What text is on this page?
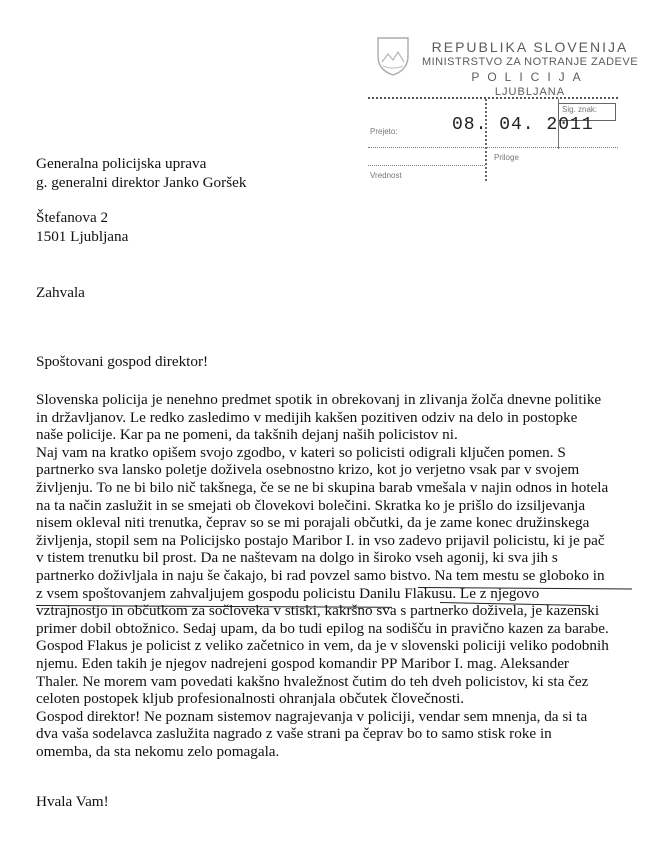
REPUBLIKA SLOVENIJA
MINISTRSTVO ZA NOTRANJE ZADEVE
POLICIJA
LJUBLJANA
Sig. znak:
Prejeto:	08. 04. 2011
Priloge
Vrednost
Generalna policijska uprava
g. generalni direktor Janko Goršek
Štefanova 2
1501 Ljubljana
Zahvala
Spoštovani gospod direktor!
Slovenska policija je nenehno predmet spotik in obrekovanj in zlivanja žolča dnevne politike
in državljanov. Le redko zasledimo v medijih kakšen pozitiven odziv na delo in postopke
naše policije. Kar pa ne pomeni, da takšnih dejanj naših policistov ni.
Naj vam na kratko opišem svojo zgodbo, v kateri so policisti odigrali ključen pomen. S
partnerko sva lansko poletje doživela osebnostno krizo, kot jo verjetno vsak par v svojem
življenju. To ne bi bilo nič takšnega, če se ne bi skupina barab vmešala v najin odnos in hotela
na ta način zaslužit in se smejati ob človekovi bolečini. Skratka ko je prišlo do izsiljevanja
nisem okleval niti trenutka, čeprav so se mi porajali občutki, da je zame konec družinskega
življenja, stopil sem na Policijsko postajo Maribor I. in vso zadevo prijavil policistu, ki je pač
v tistem trenutku bil prost. Da ne naštevam na dolgo in široko vseh agonij, ki sva jih s
partnerko doživljala in naju še čakajo, bi rad povzel samo bistvo. Na tem mestu se globoko in
z vsem spoštovanjem zahvaljujem gospodu policistu Danilu Flakusu. Le z njegovo
vztrajnostjo in občutkom za sočloveka v stiski, kakršno sva s partnerko doživela, je kazenski
primer dobil obtožnico. Sedaj upam, da bo tudi epilog na sodišču in pravično kazen za barabe.
Gospod Flakus je policist z veliko začetnico in vem, da je v slovenski policiji veliko podobnih
njemu. Eden takih je njegov nadrejeni gospod komandir PP Maribor I. mag. Aleksander
Thaler. Ne morem vam povedati kakšno hvaležnost čutim do teh dveh policistov, ki sta čez
celoten postopek kljub profesionalnosti ohranjala občutek človečnosti.
Gospod direktor! Ne poznam sistemov nagrajevanja v policiji, vendar sem mnenja, da si ta
dva vaša sodelavca zaslužita nagrado z vaše strani pa čeprav bo to samo stisk roke in
omemba, da sta nekomu zelo pomagala.
Hvala Vam!
